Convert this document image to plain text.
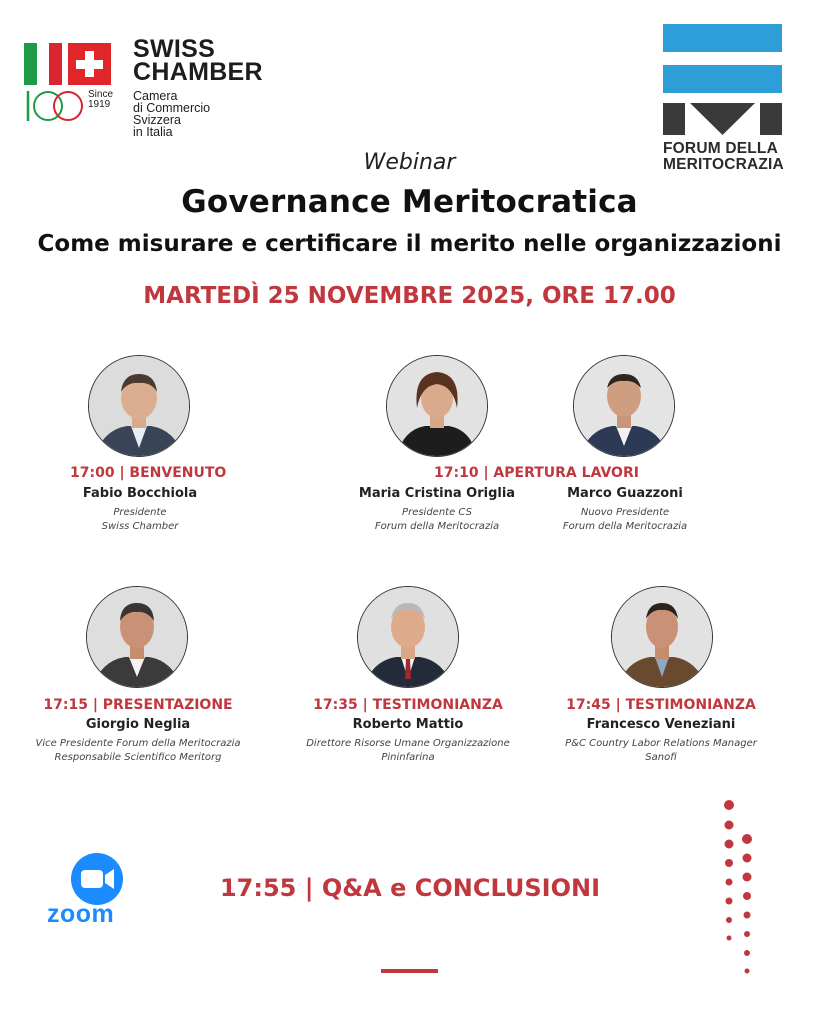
Since
1919
SWISS
CHAMBER
Camera
di Commercio
Svizzera
in Italia
FORUM DELLA
MERITOCRAZIA
Webinar
Governance Meritocratica
Come misurare e certificare il merito nelle organizzazioni
MARTEDÌ 25 NOVEMBRE 2025, ORE 17.00
17:00 | BENVENUTO	17:10 | APERTURA LAVORI
Fabio Bocchiola
Presidente
Swiss Chamber
Maria Cristina Origlia
Presidente CS
Forum della Meritocrazia
Marco Guazzoni
Nuovo Presidente
Forum della Meritocrazia
17:15 | PRESENTAZIONE
Giorgio Neglia
Vice Presidente Forum della Meritocrazia
Responsabile Scientifico Meritorg
17:35 | TESTIMONIANZA
Roberto Mattio
Direttore Risorse Umane Organizzazione
Pininfarina
17:45 | TESTIMONIANZA
Francesco Veneziani
P&C Country Labor Relations Manager
Sanofi
zoom
17:55 | Q&A e CONCLUSIONI
